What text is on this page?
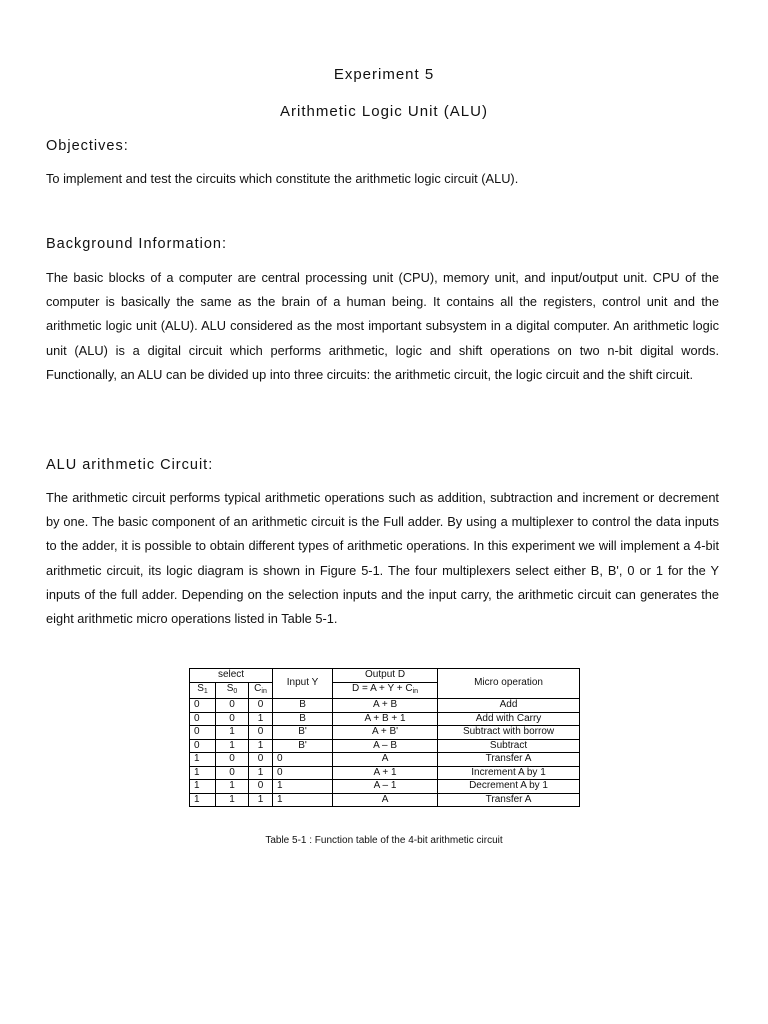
Experiment 5
Arithmetic Logic Unit (ALU)
Objectives:
To implement and test the circuits which constitute the arithmetic logic circuit (ALU).
Background Information:
The basic blocks of a computer are central processing unit (CPU), memory unit, and input/output unit. CPU of the computer is basically the same as the brain of a human being. It contains all the registers, control unit and the arithmetic logic unit (ALU). ALU considered as the most important subsystem in a digital computer. An arithmetic logic unit (ALU) is a digital circuit which performs arithmetic, logic and shift operations on two n-bit digital words. Functionally, an ALU can be divided up into three circuits: the arithmetic circuit, the logic circuit and the shift circuit.
ALU arithmetic Circuit:
The arithmetic circuit performs typical arithmetic operations such as addition, subtraction and increment or decrement by one. The basic component of an arithmetic circuit is the Full adder. By using a multiplexer to control the data inputs to the adder, it is possible to obtain different types of arithmetic operations. In this experiment we will implement a 4-bit arithmetic circuit, its logic diagram is shown in Figure 5-1. The four multiplexers select either B, B', 0 or 1 for the Y inputs of the full adder. Depending on the selection inputs and the input carry, the arithmetic circuit can generates the eight arithmetic micro operations listed in Table 5-1.
select			Input Y	Output D	Micro operation
$S_1$	$S_0$	$C_{in}$		$D = A + Y + C_{in}$
0	0	0	B	A + B	Add
0	0	1	B	A + B + 1	Add with Carry
0	1	0	B'	A + B'	Subtract with borrow
0	1	1	B'	A – B	Subtract
1	0	0	0	A	Transfer A
1	0	1	0	A + 1	Increment A by 1
1	1	0	1	A – 1	Decrement A by 1
1	1	1	1	A	Transfer A
Table 5-1 : Function table of the 4-bit arithmetic circuit
